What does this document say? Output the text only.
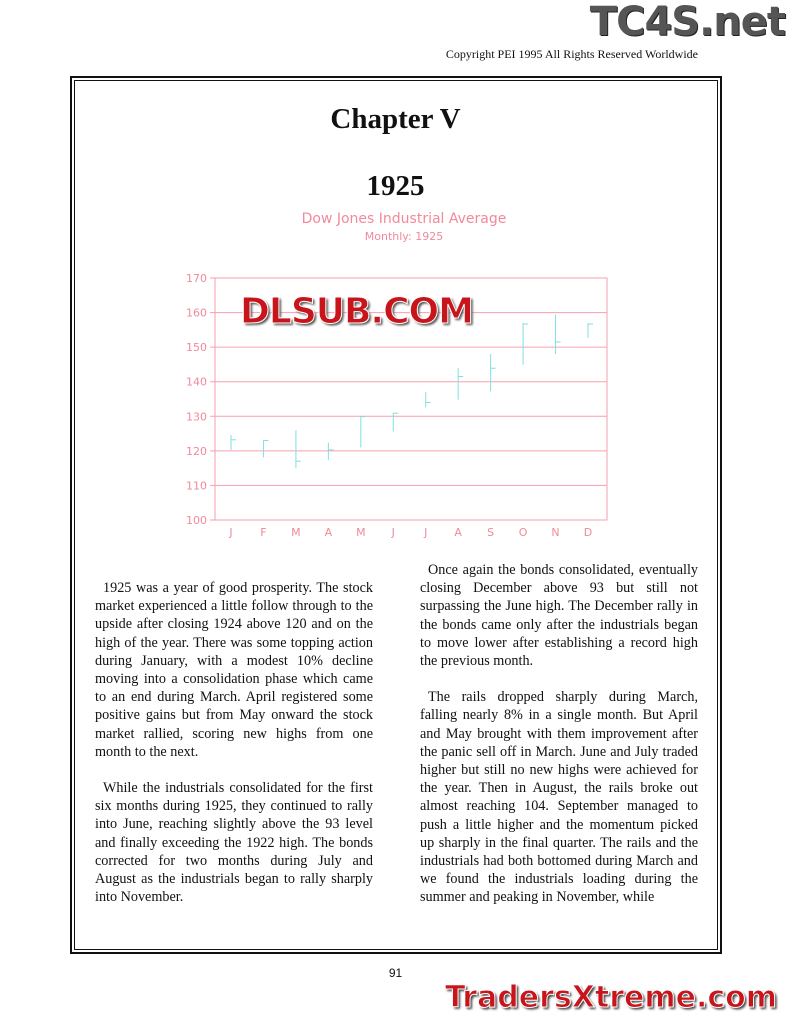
TC4S.net
Copyright PEI 1995 All Rights Reserved Worldwide
Chapter V
1925
Dow Jones Industrial Average
Monthly: 1925
100
110
120
130
140
150
160
170
J	F M A M J	J A S O N D
DLSUB.COM

1925 was a year of good prosperity. The stock market experienced a little follow through to the upside after closing 1924 above 120 and on the high of the year. There was some topping action during January, with a modest 10% decline moving into a consolidation phase which came to an end during March. April registered some positive gains but from May onward the stock market rallied, scoring new highs from one month to the next.

While the industrials consolidated for the first six months during 1925, they continued to rally into June, reaching slightly above the 93 level and finally exceeding the 1922 high. The bonds corrected for two months during July and August as the industrials began to rally sharply into November.

Once again the bonds consolidated, eventually closing December above 93 but still not surpassing the June high. The December rally in the bonds came only after the industrials began to move lower after establishing a record high the previous month.

The rails dropped sharply during March, falling nearly 8% in a single month. But April and May brought with them improvement after the panic sell off in March. June and July traded higher but still no new highs were achieved for the year. Then in August, the rails broke out almost reaching 104. September managed to push a little higher and the momentum picked up sharply in the final quarter. The rails and the industrials had both bottomed during March and we found the industrials loading during the summer and peaking in November, while

91
TradersXtreme.com
